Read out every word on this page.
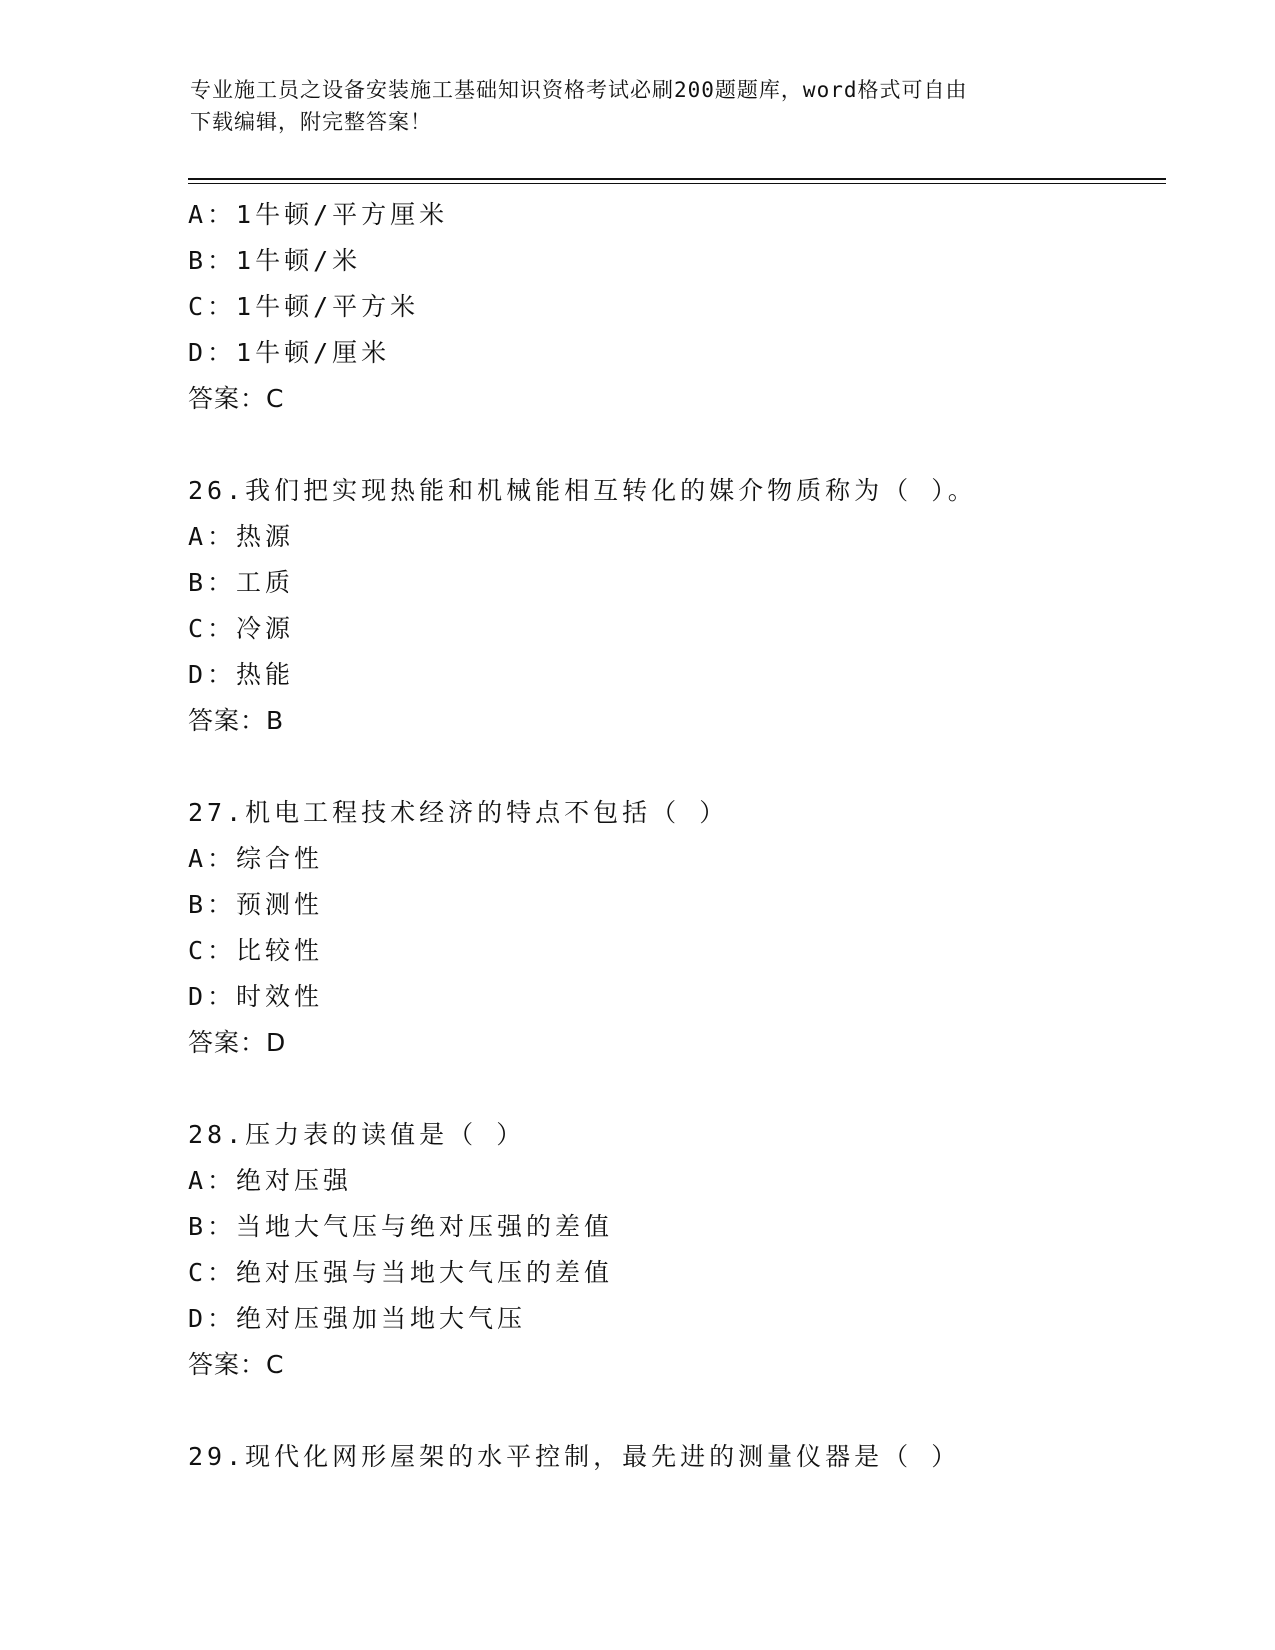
专业施工员之设备安装施工基础知识资格考试必刷200题题库，word格式可自由
下载编辑，附完整答案！
A：1牛顿/平方厘米
B：1牛顿/米
C：1牛顿/平方米
D：1牛顿/厘米
答案：C
26.我们把实现热能和机械能相互转化的媒介物质称为（ ）。
A：热源
B：工质
C：冷源
D：热能
答案：B
27.机电工程技术经济的特点不包括（ ）
A：综合性
B：预测性
C：比较性
D：时效性
答案：D
28.压力表的读值是（ ）
A：绝对压强
B：当地大气压与绝对压强的差值
C：绝对压强与当地大气压的差值
D：绝对压强加当地大气压
答案：C
29.现代化网形屋架的水平控制，最先进的测量仪器是（ ）
